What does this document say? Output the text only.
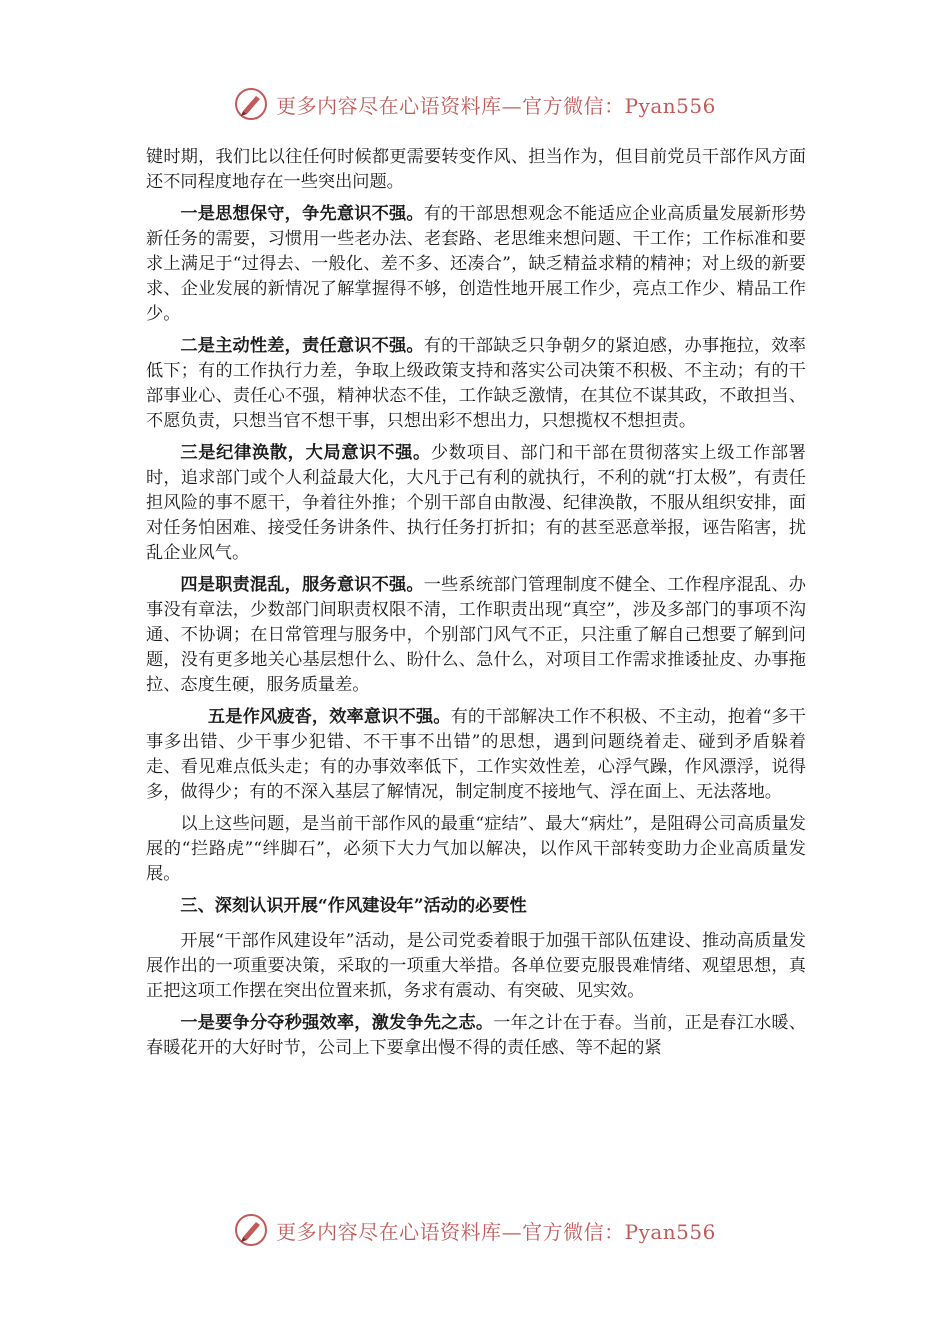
更多内容尽在心语资料库—官方微信：Pyan556

键时期，我们比以往任何时候都更需要转变作风、担当作为，但目前党员干部作风方面还不同程度地存在一些突出问题。

一是思想保守，争先意识不强。有的干部思想观念不能适应企业高质量发展新形势新任务的需要，习惯用一些老办法、老套路、老思维来想问题、干工作；工作标准和要求上满足于“过得去、一般化、差不多、还凑合”，缺乏精益求精的精神；对上级的新要求、企业发展的新情况了解掌握得不够，创造性地开展工作少，亮点工作少、精品工作少。

二是主动性差，责任意识不强。有的干部缺乏只争朝夕的紧迫感，办事拖拉，效率低下；有的工作执行力差，争取上级政策支持和落实公司决策不积极、不主动；有的干部事业心、责任心不强，精神状态不佳，工作缺乏激情，在其位不谋其政，不敢担当、不愿负责，只想当官不想干事，只想出彩不想出力，只想揽权不想担责。

三是纪律涣散，大局意识不强。少数项目、部门和干部在贯彻落实上级工作部署时，追求部门或个人利益最大化，大凡于己有利的就执行，不利的就“打太极”，有责任担风险的事不愿干，争着往外推；个别干部自由散漫、纪律涣散，不服从组织安排，面对任务怕困难、接受任务讲条件、执行任务打折扣；有的甚至恶意举报，诬告陷害，扰乱企业风气。

四是职责混乱，服务意识不强。一些系统部门管理制度不健全、工作程序混乱、办事没有章法，少数部门间职责权限不清，工作职责出现“真空”，涉及多部门的事项不沟通、不协调；在日常管理与服务中，个别部门风气不正，只注重了解自己想要了解到问题，没有更多地关心基层想什么、盼什么、急什么，对项目工作需求推诿扯皮、办事拖拉、态度生硬，服务质量差。

五是作风疲沓，效率意识不强。有的干部解决工作不积极、不主动，抱着“多干事多出错、少干事少犯错、不干事不出错”的思想，遇到问题绕着走、碰到矛盾躲着走、看见难点低头走；有的办事效率低下，工作实效性差，心浮气躁，作风漂浮，说得多，做得少；有的不深入基层了解情况，制定制度不接地气、浮在面上、无法落地。

以上这些问题，是当前干部作风的最重“症结”、最大“病灶”，是阻碍公司高质量发展的“拦路虎”“绊脚石”，必须下大力气加以解决，以作风干部转变助力企业高质量发展。

三、深刻认识开展“作风建设年”活动的必要性

开展“干部作风建设年”活动，是公司党委着眼于加强干部队伍建设、推动高质量发展作出的一项重要决策，采取的一项重大举措。各单位要克服畏难情绪、观望思想，真正把这项工作摆在突出位置来抓，务求有震动、有突破、见实效。

一是要争分夺秒强效率，激发争先之志。一年之计在于春。当前，正是春江水暖、春暖花开的大好时节，公司上下要拿出慢不得的责任感、等不起的紧

更多内容尽在心语资料库—官方微信：Pyan556
